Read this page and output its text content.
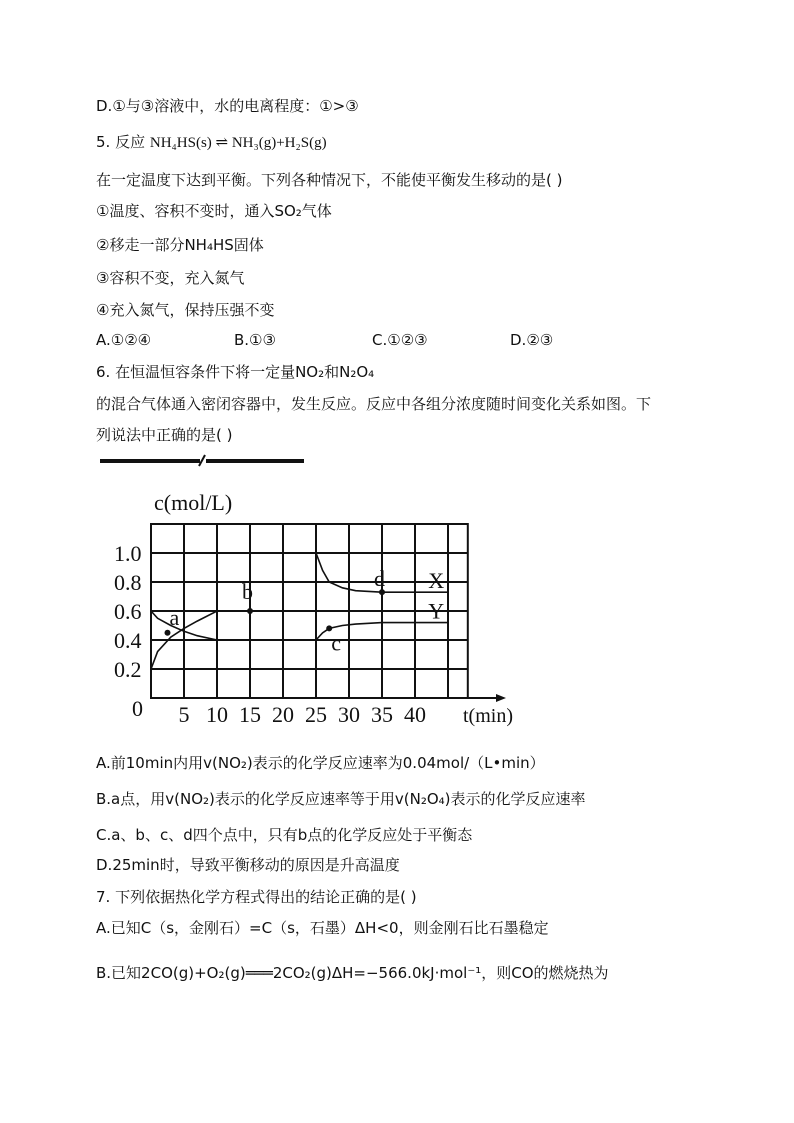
D.①与③溶液中，水的电离程度：①>③
5. 反应 NH₄HS(s) ⇌ NH₃(g)+H₂S(g)
在一定温度下达到平衡。下列各种情况下，不能使平衡发生移动的是( )
①温度、容积不变时，通入SO₂气体
②移走一部分NH₄HS固体
③容积不变，充入氮气
④充入氮气，保持压强不变
A.①②④	B.①③	C.①②③	D.②③
6. 在恒温恒容条件下将一定量NO₂和N₂O₄
的混合气体通入密闭容器中，发生反应。反应中各组分浓度随时间变化关系如图。下
列说法中正确的是( )
c(mol/L)
t(min)
0
0.2
0.4
0.6
0.8
1.0
5 10 15 20 25 30 35 40
X
Y
a
b
c
d
A.前10min内用v(NO₂)表示的化学反应速率为0.04mol/（L•min）
B.a点，用v(NO₂)表示的化学反应速率等于用v(N₂O₄)表示的化学反应速率
C.a、b、c、d四个点中，只有b点的化学反应处于平衡态
D.25min时，导致平衡移动的原因是升高温度
7. 下列依据热化学方程式得出的结论正确的是( )
A.已知C（s，金刚石）=C（s，石墨）ΔH<0，则金刚石比石墨稳定
B.已知2CO(g)+O₂(g)═══2CO₂(g)ΔH=−566.0kJ·mol⁻¹，则CO的燃烧热为
